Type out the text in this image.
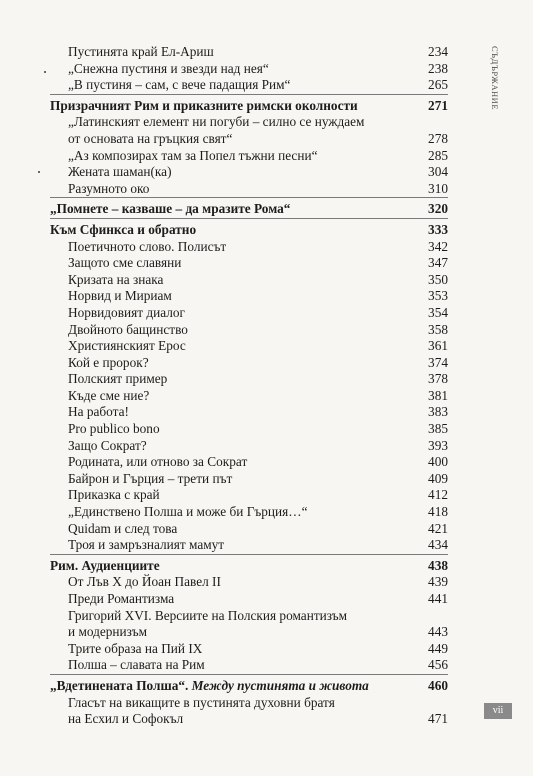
Пустинята край Ел-Ариш	234
„Снежна пустиня и звезди над нея“	238
„В пустиня – сам, с вече падащия Рим“	265
Призрачният Рим и приказните римски околности	271
„Латинският елемент ни погуби – силно се нуждаем
от основата на гръцкия свят“	278
„Аз композирах там за Попел тъжни песни“	285
Жената шаман(ка)	304
Разумното око	310
„Помнете – казваше – да мразите Рома“	320
Към Сфинкса и обратно	333
Поетичното слово. Полисът	342
Защото сме славяни	347
Кризата на знака	350
Норвид и Мириам	353
Норвидовият диалог	354
Двойното бащинство	358
Християнският Ерос	361
Кой е пророк?	374
Полският пример	378
Къде сме ние?	381
На работа!	383
Pro publico bono	385
Защо Сократ?	393
Родината, или отново за Сократ	400
Байрон и Гърция – трети път	409
Приказка с край	412
„Единствено Полша и може би Гърция…“	418
Quidam и след това	421
Троя и замръзналият мамут	434
Рим. Аудиенциите	438
От Лъв X до Йоан Павел II	439
Преди Романтизма	441
Григорий XVI. Версиите на Полския романтизъм
и модернизъм	443
Трите образа на Пий IX	449
Полша – славата на Рим	456
„Вдетинената Полша“. Между пустинята и живота	460
Гласът на викащите в пустинята духовни братя
на Есхил и Софокъл	471
СЪДЪРЖАНИЕ
vii
